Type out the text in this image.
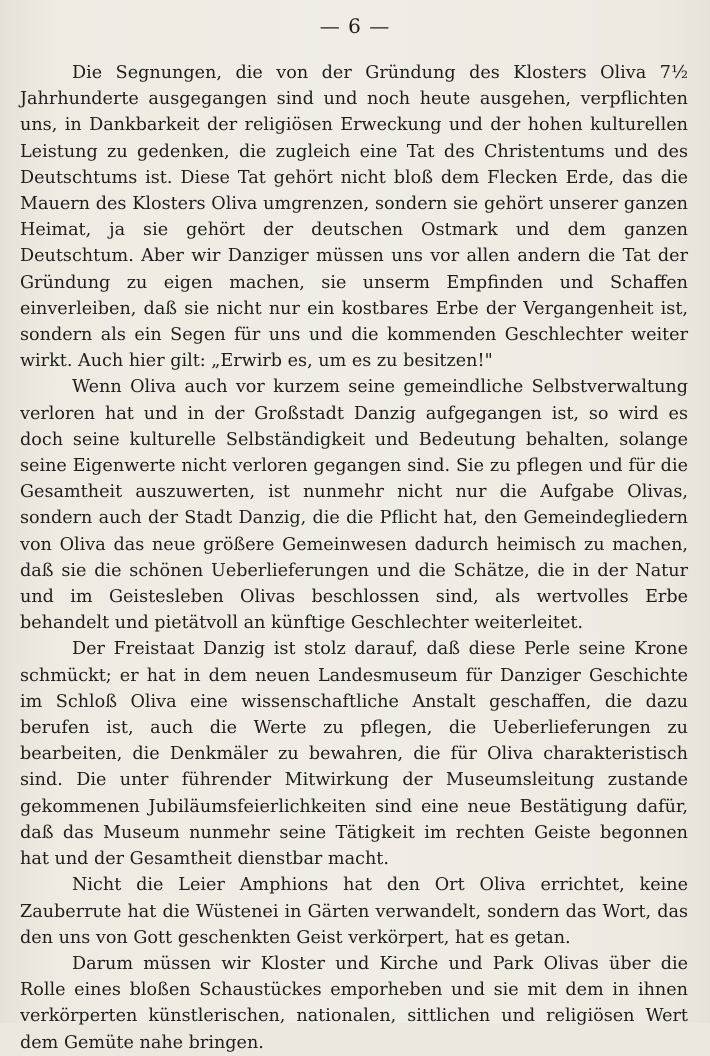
— 6 —

Die Segnungen, die von der Gründung des Klosters Oliva 7½ Jahrhunderte ausgegangen sind und noch heute ausgehen, verpflichten uns, in Dankbarkeit der religiösen Erweckung und der hohen kulturellen Leistung zu gedenken, die zugleich eine Tat des Christentums und des Deutschtums ist. Diese Tat gehört nicht bloß dem Flecken Erde, das die Mauern des Klosters Oliva umgrenzen, sondern sie gehört unserer ganzen Heimat, ja sie gehört der deutschen Ostmark und dem ganzen Deutschtum. Aber wir Danziger müssen uns vor allen andern die Tat der Gründung zu eigen machen, sie unserm Empfinden und Schaffen einverleiben, daß sie nicht nur ein kostbares Erbe der Vergangenheit ist, sondern als ein Segen für uns und die kommenden Geschlechter weiter wirkt. Auch hier gilt: „Erwirb es, um es zu besitzen!"

Wenn Oliva auch vor kurzem seine gemeindliche Selbstverwaltung verloren hat und in der Großstadt Danzig aufgegangen ist, so wird es doch seine kulturelle Selbständigkeit und Bedeutung behalten, solange seine Eigenwerte nicht verloren gegangen sind. Sie zu pflegen und für die Gesamtheit auszuwerten, ist nunmehr nicht nur die Aufgabe Olivas, sondern auch der Stadt Danzig, die die Pflicht hat, den Gemeindegliedern von Oliva das neue größere Gemeinwesen dadurch heimisch zu machen, daß sie die schönen Ueberlieferungen und die Schätze, die in der Natur und im Geistesleben Olivas beschlossen sind, als wertvolles Erbe behandelt und pietätvoll an künftige Geschlechter weiterleitet.

Der Freistaat Danzig ist stolz darauf, daß diese Perle seine Krone schmückt; er hat in dem neuen Landesmuseum für Danziger Geschichte im Schloß Oliva eine wissenschaftliche Anstalt geschaffen, die dazu berufen ist, auch die Werte zu pflegen, die Ueberlieferungen zu bearbeiten, die Denkmäler zu bewahren, die für Oliva charakteristisch sind. Die unter führender Mitwirkung der Museumsleitung zustande gekommenen Jubiläumsfeierlichkeiten sind eine neue Bestätigung dafür, daß das Museum nunmehr seine Tätigkeit im rechten Geiste begonnen hat und der Gesamtheit dienstbar macht.

Nicht die Leier Amphions hat den Ort Oliva errichtet, keine Zauberrute hat die Wüstenei in Gärten verwandelt, sondern das Wort, das den uns von Gott geschenkten Geist verkörpert, hat es getan.

Darum müssen wir Kloster und Kirche und Park Olivas über die Rolle eines bloßen Schaustückes emporheben und sie mit dem in ihnen verkörperten künstlerischen, nationalen, sittlichen und religiösen Wert dem Gemüte nahe bringen.
